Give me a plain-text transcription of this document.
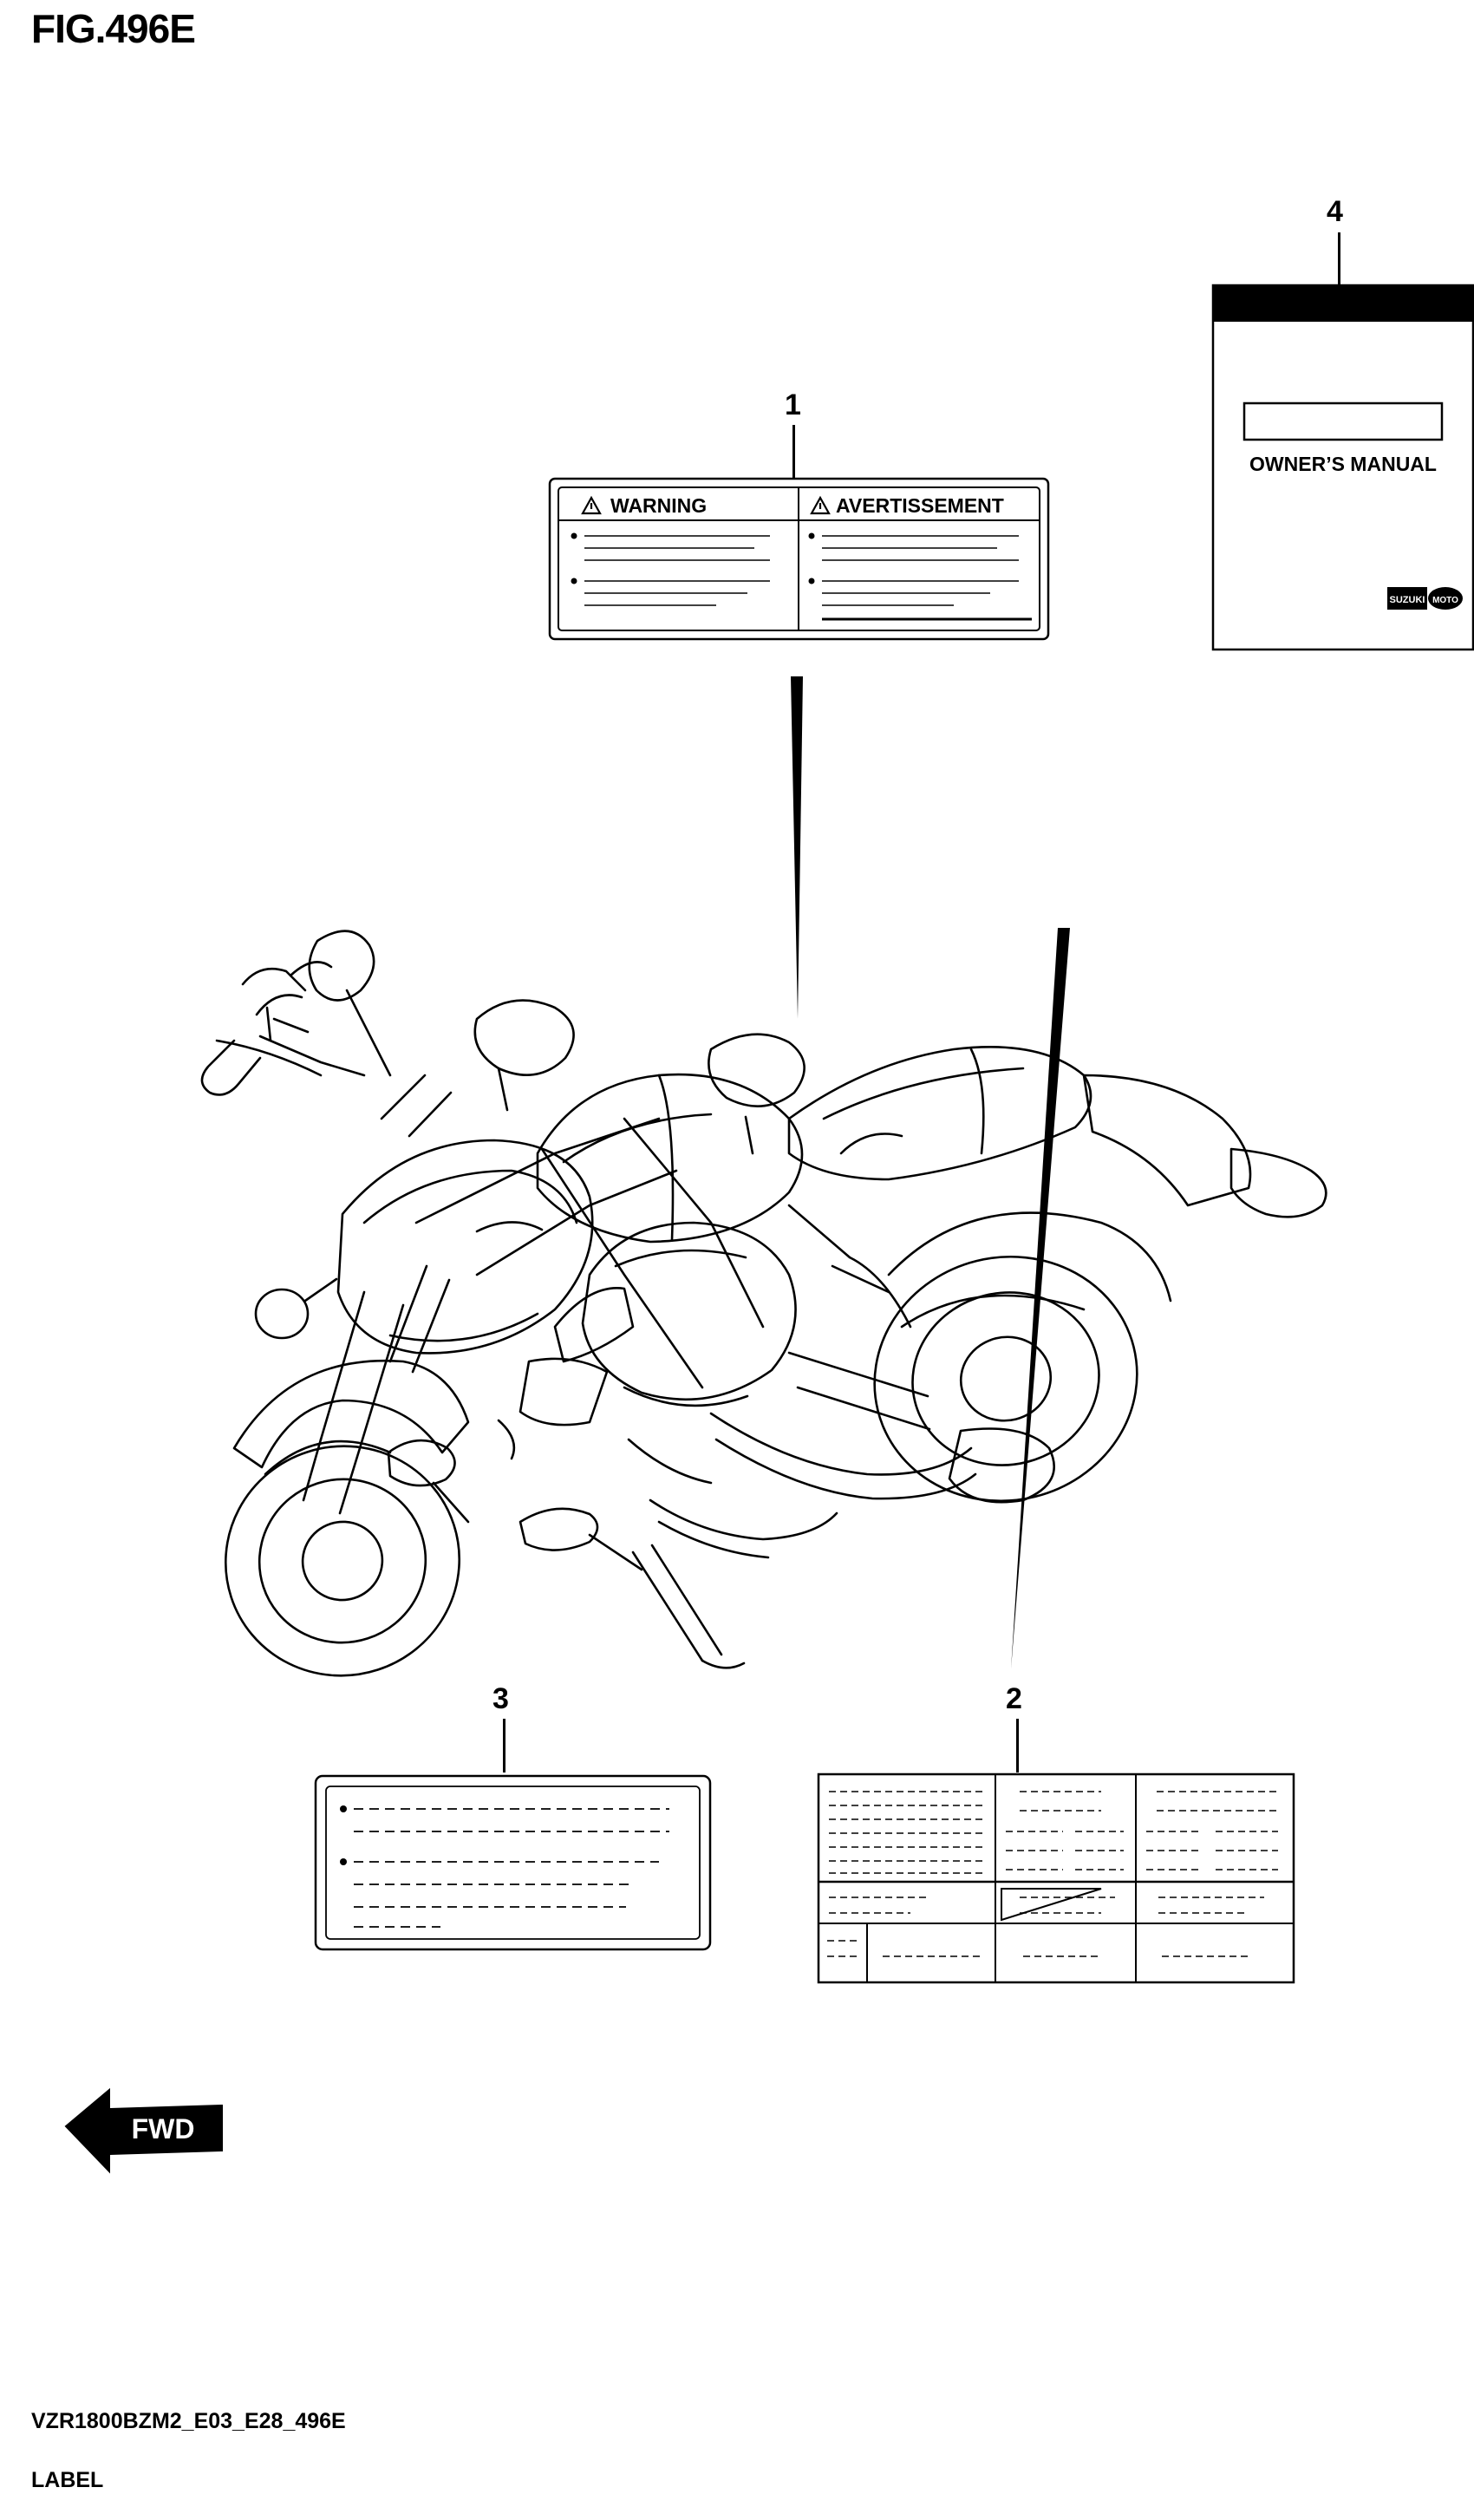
FIG.496E
4
1
3	2
WARNING	AVERTISSEMENT
OWNER’S MANUAL
SUZUKI MOTO
FWD
VZR1800BZM2_E03_E28_496E
LABEL
